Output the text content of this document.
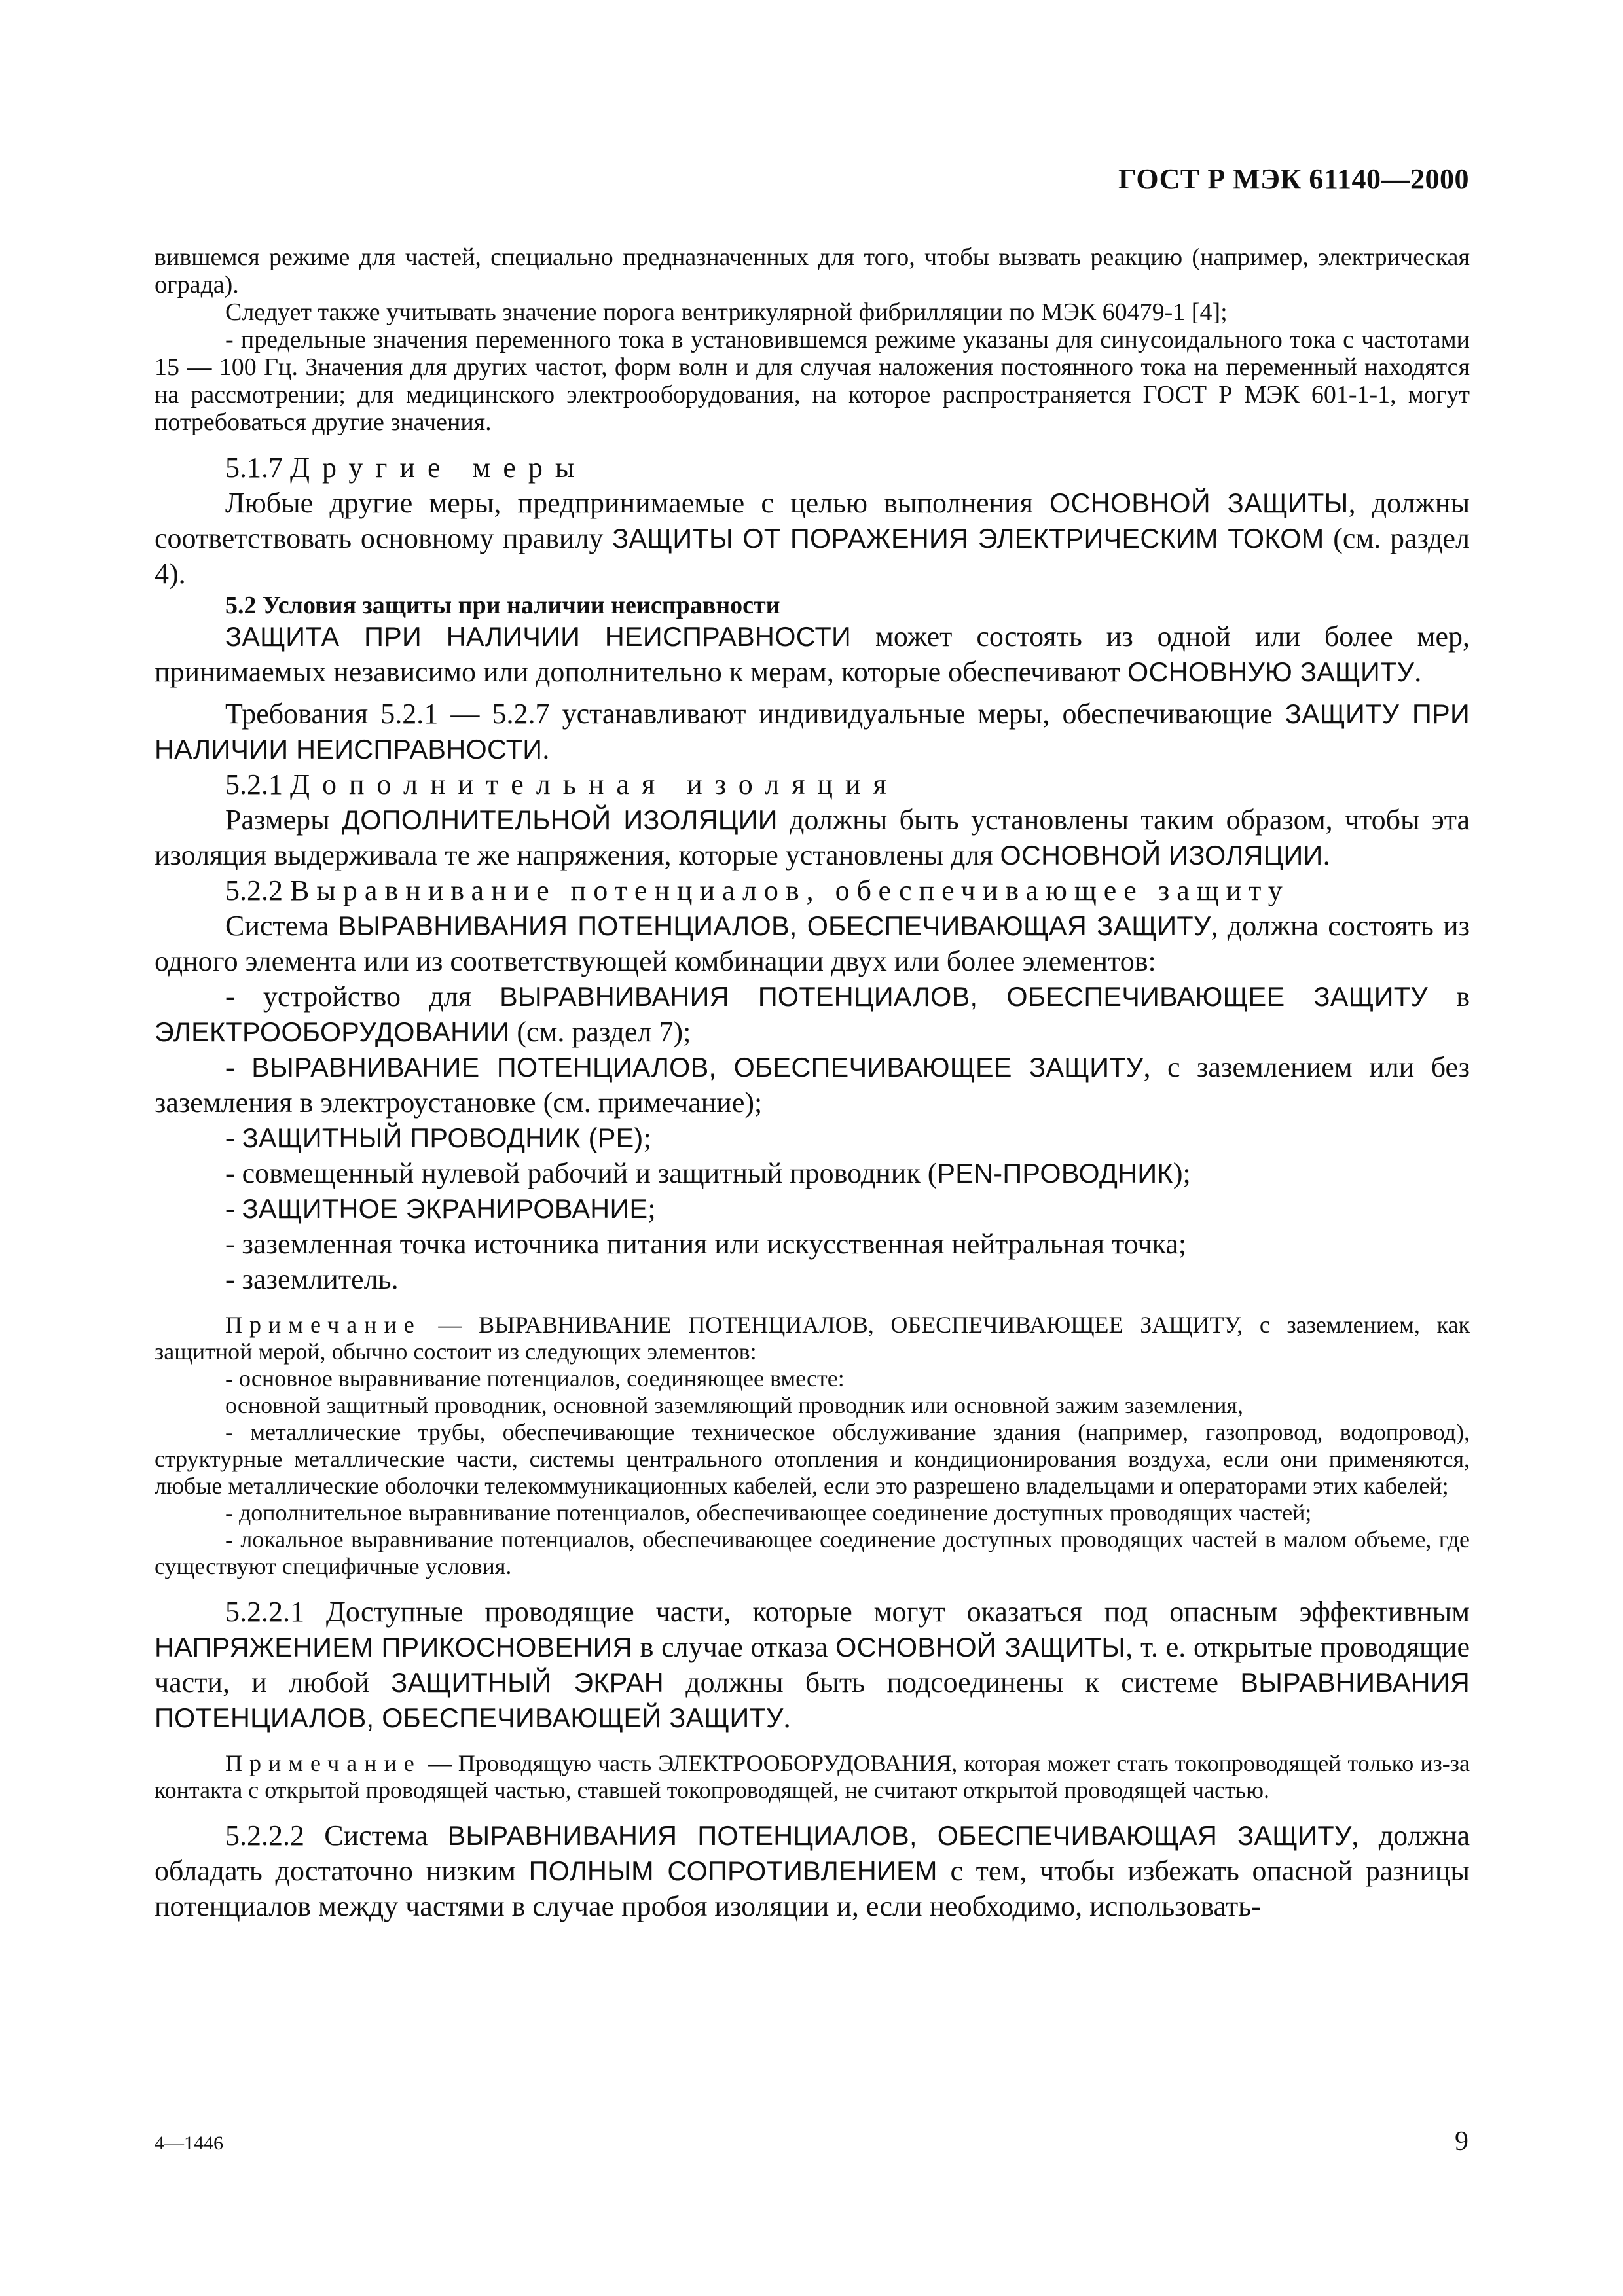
ГОСТ Р МЭК 61140—2000

вившемся режиме для частей, специально предназначенных для того, чтобы вызвать реакцию (например, электрическая ограда).

Следует также учитывать значение порога вентрикулярной фибрилляции по МЭК 60479-1 [4];

- предельные значения переменного тока в установившемся режиме указаны для синусоидального тока с частотами 15 — 100 Гц. Значения для других частот, форм волн и для случая наложения постоянного тока на переменный находятся на рассмотрении; для медицинского электрооборудования, на которое распространяется ГОСТ Р МЭК 601-1-1, могут потребоваться другие значения.

5.1.7 Другие меры

Любые другие меры, предпринимаемые с целью выполнения ОСНОВНОЙ ЗАЩИТЫ, должны соответствовать основному правилу ЗАЩИТЫ ОТ ПОРАЖЕНИЯ ЭЛЕКТРИЧЕСКИМ ТОКОМ (см. раздел 4).

5.2 Условия защиты при наличии неисправности

ЗАЩИТА ПРИ НАЛИЧИИ НЕИСПРАВНОСТИ может состоять из одной или более мер, принимаемых независимо или дополнительно к мерам, которые обеспечивают ОСНОВНУЮ ЗАЩИТУ.

Требования 5.2.1 — 5.2.7 устанавливают индивидуальные меры, обеспечивающие ЗАЩИТУ ПРИ НАЛИЧИИ НЕИСПРАВНОСТИ.

5.2.1 Дополнительная изоляция

Размеры ДОПОЛНИТЕЛЬНОЙ ИЗОЛЯЦИИ должны быть установлены таким образом, чтобы эта изоляция выдерживала те же напряжения, которые установлены для ОСНОВНОЙ ИЗОЛЯЦИИ.

5.2.2 Выравнивание потенциалов, обеспечивающее защиту

Система ВЫРАВНИВАНИЯ ПОТЕНЦИАЛОВ, ОБЕСПЕЧИВАЮЩАЯ ЗАЩИТУ, должна состоять из одного элемента или из соответствующей комбинации двух или более элементов:

- устройство для ВЫРАВНИВАНИЯ ПОТЕНЦИАЛОВ, ОБЕСПЕЧИВАЮЩЕЕ ЗАЩИТУ в ЭЛЕКТРООБОРУДОВАНИИ (см. раздел 7);

- ВЫРАВНИВАНИЕ ПОТЕНЦИАЛОВ, ОБЕСПЕЧИВАЮЩЕЕ ЗАЩИТУ, с заземлением или без заземления в электроустановке (см. примечание);

- ЗАЩИТНЫЙ ПРОВОДНИК (PE);

- совмещенный нулевой рабочий и защитный проводник (PEN-ПРОВОДНИК);

- ЗАЩИТНОЕ ЭКРАНИРОВАНИЕ;

- заземленная точка источника питания или искусственная нейтральная точка;

- заземлитель.

Примечание — ВЫРАВНИВАНИЕ ПОТЕНЦИАЛОВ, ОБЕСПЕЧИВАЮЩЕЕ ЗАЩИТУ, с заземлением, как защитной мерой, обычно состоит из следующих элементов:

- основное выравнивание потенциалов, соединяющее вместе:

основной защитный проводник, основной заземляющий проводник или основной зажим заземления,

- металлические трубы, обеспечивающие техническое обслуживание здания (например, газопровод, водопровод), структурные металлические части, системы центрального отопления и кондиционирования воздуха, если они применяются, любые металлические оболочки телекоммуникационных кабелей, если это разрешено владельцами и операторами этих кабелей;

- дополнительное выравнивание потенциалов, обеспечивающее соединение доступных проводящих частей;

- локальное выравнивание потенциалов, обеспечивающее соединение доступных проводящих частей в малом объеме, где существуют специфичные условия.

5.2.2.1 Доступные проводящие части, которые могут оказаться под опасным эффективным НАПРЯЖЕНИЕМ ПРИКОСНОВЕНИЯ в случае отказа ОСНОВНОЙ ЗАЩИТЫ, т. е. открытые проводящие части, и любой ЗАЩИТНЫЙ ЭКРАН должны быть подсоединены к системе ВЫРАВНИВАНИЯ ПОТЕНЦИАЛОВ, ОБЕСПЕЧИВАЮЩЕЙ ЗАЩИТУ.

Примечание — Проводящую часть ЭЛЕКТРООБОРУДОВАНИЯ, которая может стать токопроводящей только из-за контакта с открытой проводящей частью, ставшей токопроводящей, не считают открытой проводящей частью.

5.2.2.2 Система ВЫРАВНИВАНИЯ ПОТЕНЦИАЛОВ, ОБЕСПЕЧИВАЮЩАЯ ЗАЩИТУ, должна обладать достаточно низким ПОЛНЫМ СОПРОТИВЛЕНИЕМ с тем, чтобы избежать опасной разницы потенциалов между частями в случае пробоя изоляции и, если необходимо, использовать-

4—1446	9
